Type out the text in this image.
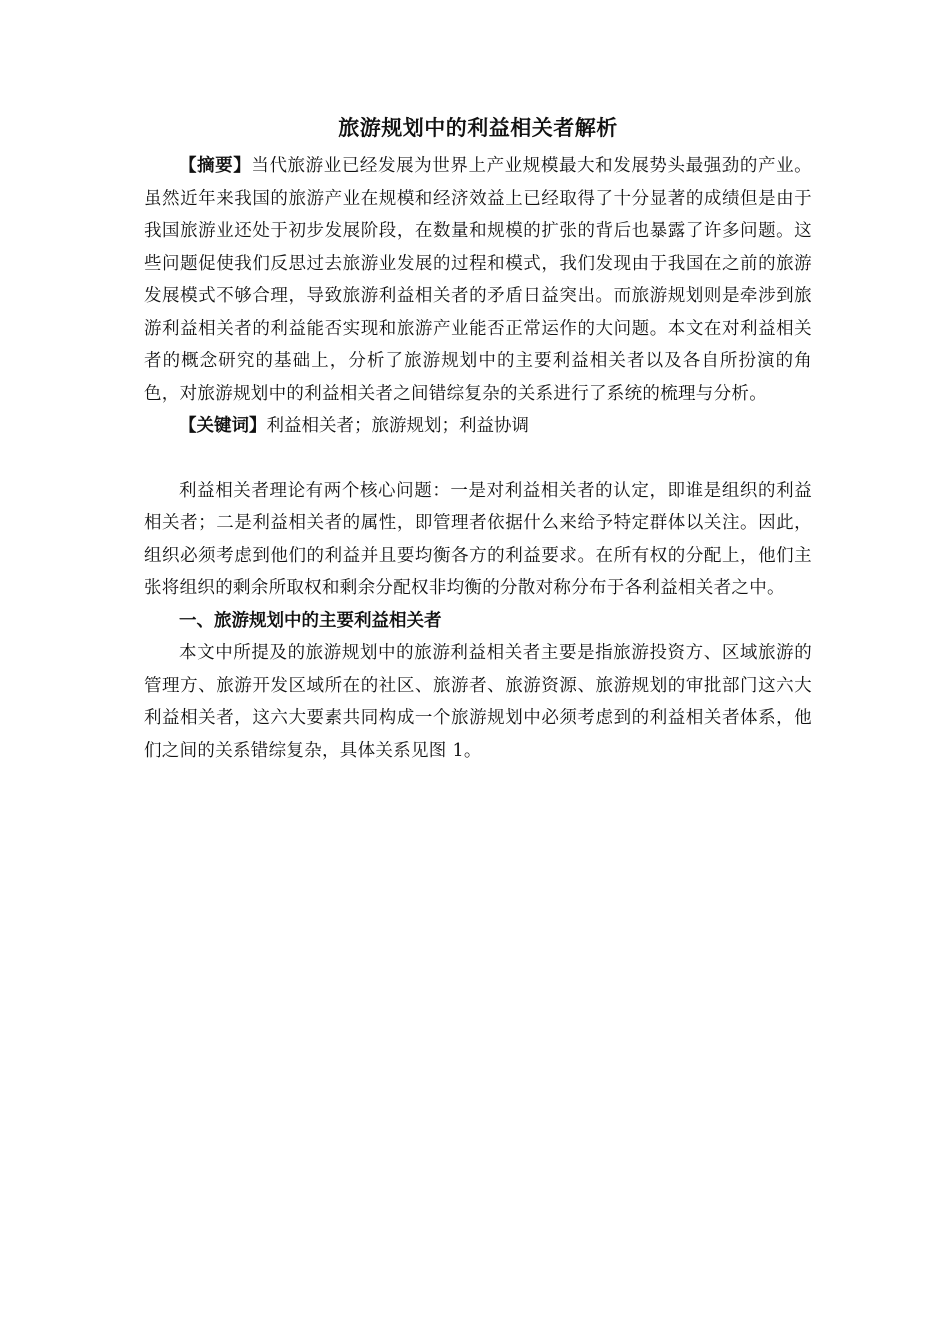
旅游规划中的利益相关者解析

【摘要】当代旅游业已经发展为世界上产业规模最大和发展势头最强劲的产业。虽然近年来我国的旅游产业在规模和经济效益上已经取得了十分显著的成绩但是由于我国旅游业还处于初步发展阶段，在数量和规模的扩张的背后也暴露了许多问题。这些问题促使我们反思过去旅游业发展的过程和模式，我们发现由于我国在之前的旅游发展模式不够合理，导致旅游利益相关者的矛盾日益突出。而旅游规划则是牵涉到旅游利益相关者的利益能否实现和旅游产业能否正常运作的大问题。本文在对利益相关者的概念研究的基础上，分析了旅游规划中的主要利益相关者以及各自所扮演的角色，对旅游规划中的利益相关者之间错综复杂的关系进行了系统的梳理与分析。

【关键词】利益相关者；旅游规划；利益协调

利益相关者理论有两个核心问题：一是对利益相关者的认定，即谁是组织的利益相关者；二是利益相关者的属性，即管理者依据什么来给予特定群体以关注。因此，组织必须考虑到他们的利益并且要均衡各方的利益要求。在所有权的分配上，他们主张将组织的剩余所取权和剩余分配权非均衡的分散对称分布于各利益相关者之中。

一、旅游规划中的主要利益相关者

本文中所提及的旅游规划中的旅游利益相关者主要是指旅游投资方、区域旅游的管理方、旅游开发区域所在的社区、旅游者、旅游资源、旅游规划的审批部门这六大利益相关者，这六大要素共同构成一个旅游规划中必须考虑到的利益相关者体系，他们之间的关系错综复杂，具体关系见图 1。
